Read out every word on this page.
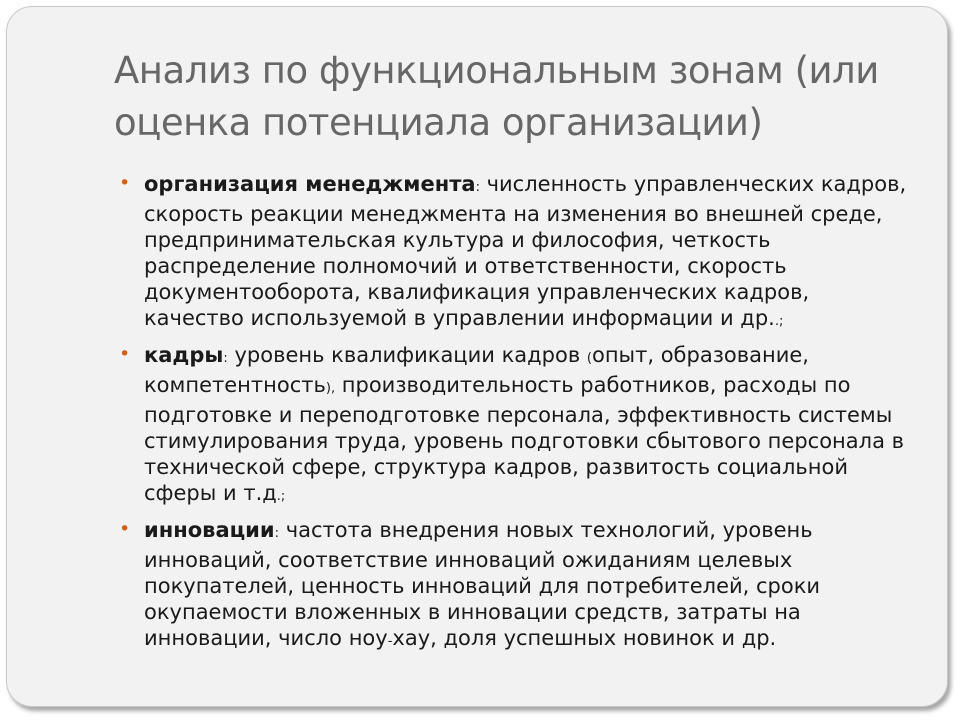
Анализ по функциональным зонам (или оценка потенциала организации)
• организация менеджмента: численность управленческих кадров, скорость реакции менеджмента на изменения во внешней среде, предпринимательская культура и философия, четкость распределение полномочий и ответственности, скорость документооборота, квалификация управленческих кадров, качество используемой в управлении информации и др..;
• кадры: уровень квалификации кадров (опыт, образование, компетентность), производительность работников, расходы по подготовке и переподготовке персонала, эффективность системы стимулирования труда, уровень подготовки сбытового персонала в технической сфере, структура кадров, развитость социальной сферы и т.д.;
• инновации: частота внедрения новых технологий, уровень инноваций, соответствие инноваций ожиданиям целевых покупателей, ценность инноваций для потребителей, сроки окупаемости вложенных в инновации средств, затраты на инновации, число ноу-хау, доля успешных новинок и др.
